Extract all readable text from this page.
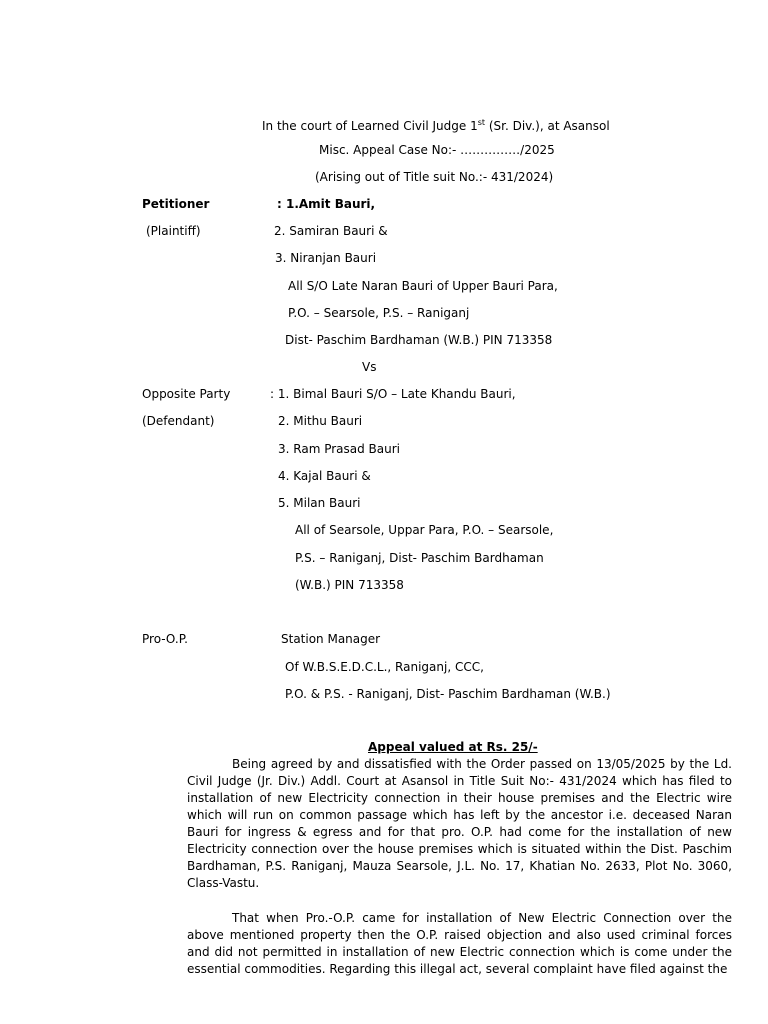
In the court of Learned Civil Judge 1st (Sr. Div.), at Asansol
Misc. Appeal Case No:- ……………/2025
(Arising out of Title suit No.:- 431/2024)
Petitioner	: 1.Amit Bauri,
(Plaintiff)	2. Samiran Bauri &
3. Niranjan Bauri
All S/O Late Naran Bauri of Upper Bauri Para,
P.O. – Searsole, P.S. – Raniganj
Dist- Paschim Bardhaman (W.B.) PIN 713358
Vs
Opposite Party	: 1. Bimal Bauri S/O – Late Khandu Bauri,
(Defendant)	2. Mithu Bauri
3. Ram Prasad Bauri
4. Kajal Bauri &
5. Milan Bauri
All of Searsole, Uppar Para, P.O. – Searsole,
P.S. – Raniganj, Dist- Paschim Bardhaman
(W.B.) PIN 713358
Pro-O.P.	Station Manager
Of W.B.S.E.D.C.L., Raniganj, CCC,
P.O. & P.S. - Raniganj, Dist- Paschim Bardhaman (W.B.)
Appeal valued at Rs. 25/-
Being agreed by and dissatisfied with the Order passed on 13/05/2025 by the Ld. Civil Judge (Jr. Div.) Addl. Court at Asansol in Title Suit No:- 431/2024 which has filed to installation of new Electricity connection in their house premises and the Electric wire which will run on common passage which has left by the ancestor i.e. deceased Naran Bauri for ingress & egress and for that pro. O.P. had come for the installation of new Electricity connection over the house premises which is situated within the Dist. Paschim Bardhaman, P.S. Raniganj, Mauza Searsole, J.L. No. 17, Khatian No. 2633, Plot No. 3060, Class-Vastu.
That when Pro.-O.P. came for installation of New Electric Connection over the above mentioned property then the O.P. raised objection and also used criminal forces and did not permitted in installation of new Electric connection which is come under the essential commodities. Regarding this illegal act, several complaint have filed against the
